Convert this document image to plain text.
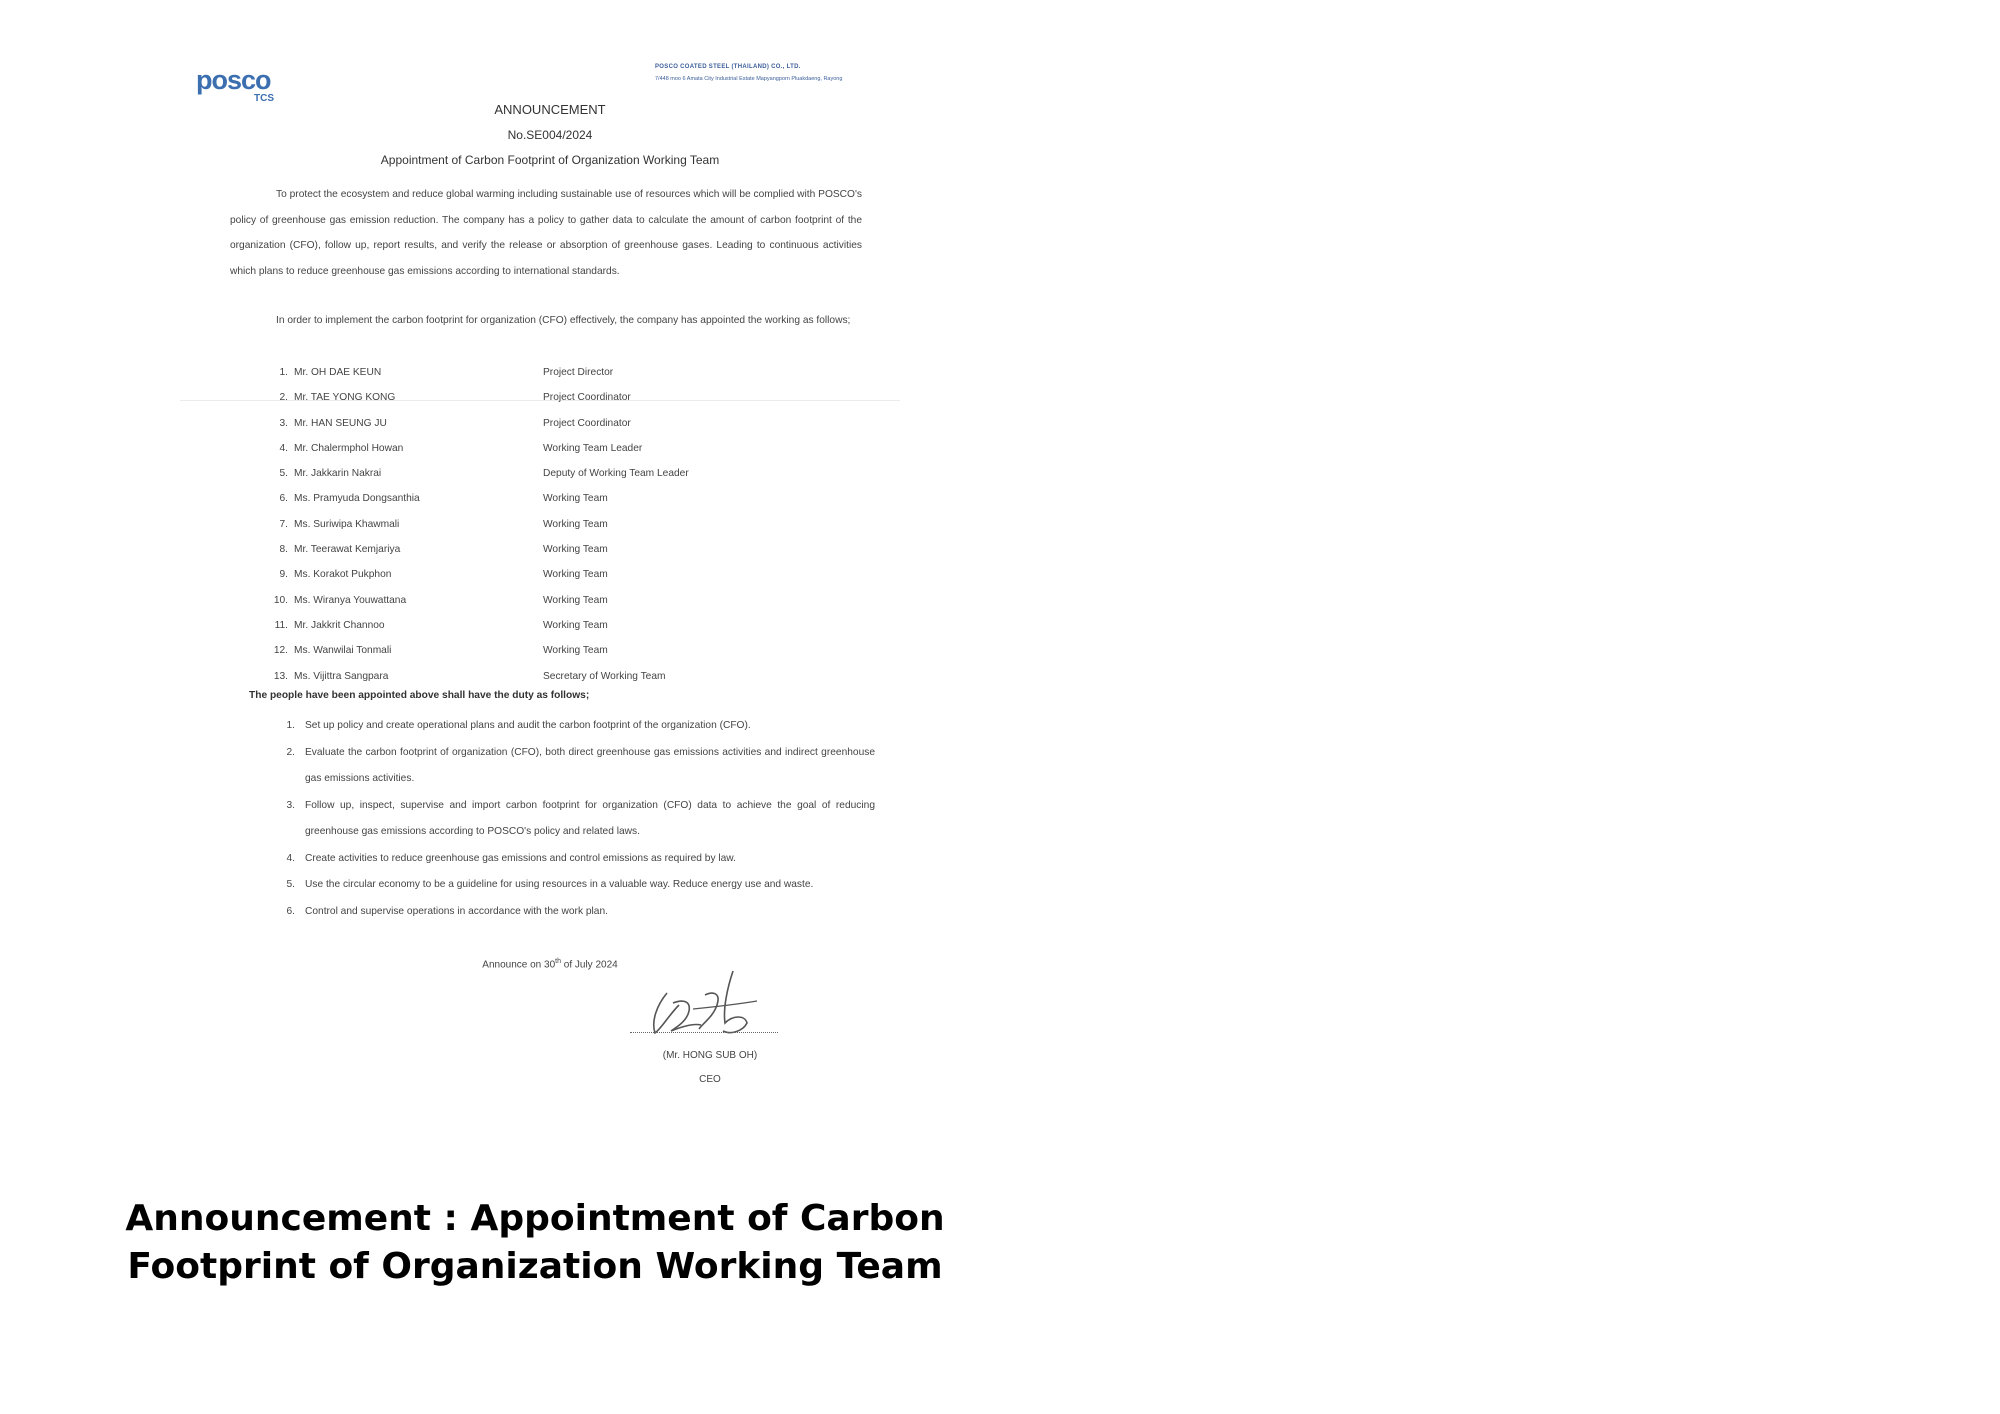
posco
TCS
POSCO COATED STEEL (THAILAND) CO., LTD.
7/448 moo 6 Amata City Industrial Estate Mapyangporn Pluakdaeng, Rayong
ANNOUNCEMENT
No.SE004/2024
Appointment of Carbon Footprint of Organization Working Team
To protect the ecosystem and reduce global warming including sustainable use of resources which will be complied with POSCO's policy of greenhouse gas emission reduction. The company has a policy to gather data to calculate the amount of carbon footprint of the organization (CFO), follow up, report results, and verify the release or absorption of greenhouse gases. Leading to continuous activities which plans to reduce greenhouse gas emissions according to international standards.
In order to implement the carbon footprint for organization (CFO) effectively, the company has appointed the working as follows;
1. Mr. OH DAE KEUN	Project Director
2. Mr. TAE YONG KONG	Project Coordinator
3. Mr. HAN SEUNG JU	Project Coordinator
4. Mr. Chalermphol Howan	Working Team Leader
5. Mr. Jakkarin Nakrai	Deputy of Working Team Leader
6. Ms. Pramyuda Dongsanthia	Working Team
7. Ms. Suriwipa Khawmali	Working Team
8. Mr. Teerawat Kemjariya	Working Team
9. Ms. Korakot Pukphon	Working Team
10. Ms. Wiranya Youwattana	Working Team
11. Mr. Jakkrit Channoo	Working Team
12. Ms. Wanwilai Tonmali	Working Team
13. Ms. Vijittra Sangpara	Secretary of Working Team
The people have been appointed above shall have the duty as follows;
1. Set up policy and create operational plans and audit the carbon footprint of the organization (CFO).
2. Evaluate the carbon footprint of organization (CFO), both direct greenhouse gas emissions activities and indirect greenhouse gas emissions activities.
3. Follow up, inspect, supervise and import carbon footprint for organization (CFO) data to achieve the goal of reducing greenhouse gas emissions according to POSCO's policy and related laws.
4. Create activities to reduce greenhouse gas emissions and control emissions as required by law.
5. Use the circular economy to be a guideline for using resources in a valuable way. Reduce energy use and waste.
6. Control and supervise operations in accordance with the work plan.
Announce on 30th of July 2024
(Mr. HONG SUB OH)
CEO
Announcement : Appointment of Carbon
Footprint of Organization Working Team
